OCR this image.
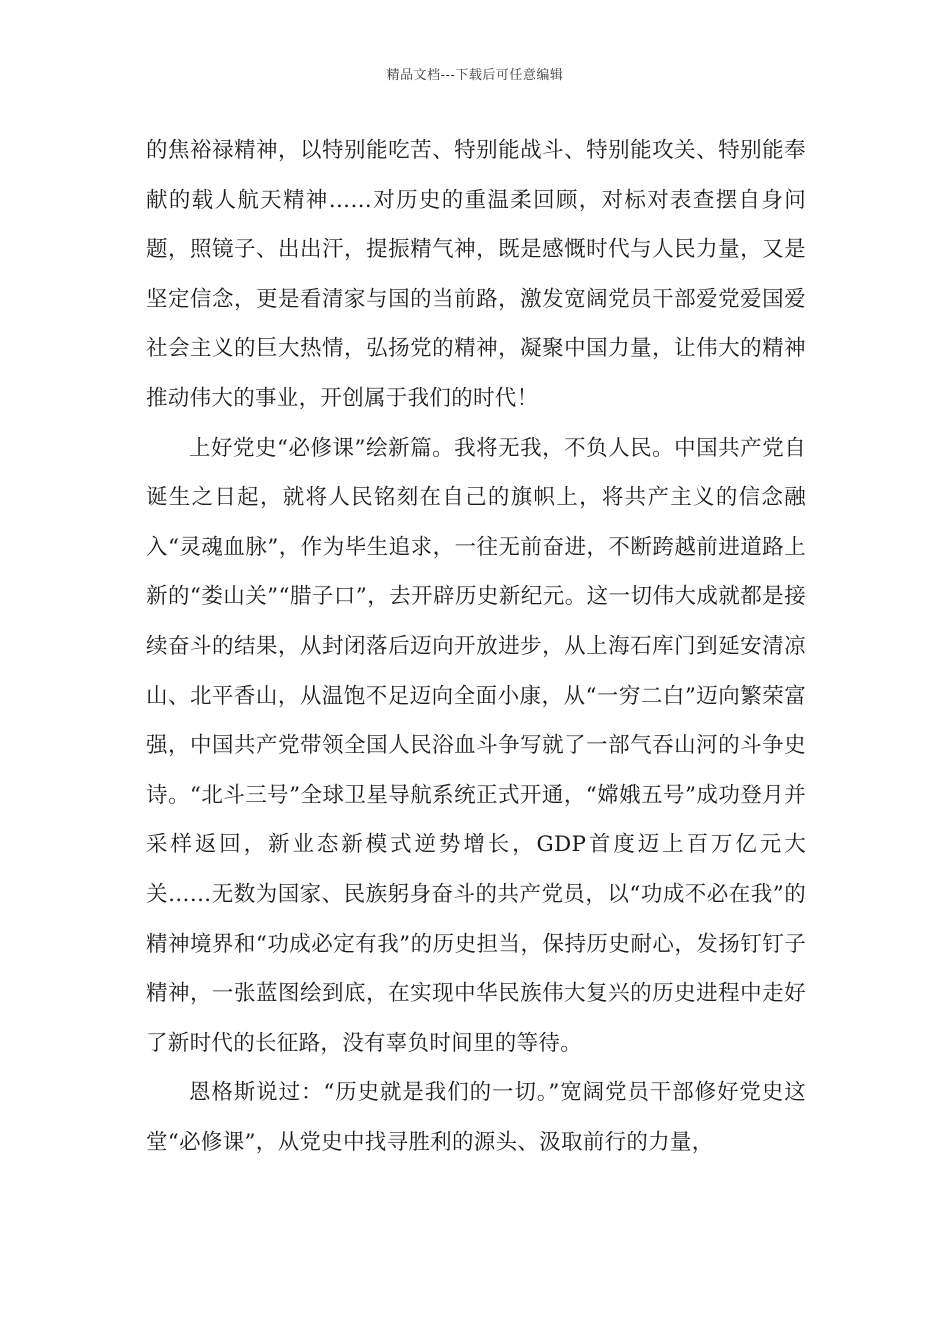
精品文档---下载后可任意编辑

的焦裕禄精神，以特别能吃苦、特别能战斗、特别能攻关、特别能奉献的载人航天精神……对历史的重温柔回顾，对标对表查摆自身问题，照镜子、出出汗，提振精气神，既是感慨时代与人民力量，又是坚定信念，更是看清家与国的当前路，激发宽阔党员干部爱党爱国爱社会主义的巨大热情，弘扬党的精神，凝聚中国力量，让伟大的精神推动伟大的事业，开创属于我们的时代！

上好党史“必修课”绘新篇。我将无我，不负人民。中国共产党自诞生之日起，就将人民铭刻在自己的旗帜上，将共产主义的信念融入“灵魂血脉”，作为毕生追求，一往无前奋进，不断跨越前进道路上新的“娄山关”“腊子口”，去开辟历史新纪元。这一切伟大成就都是接续奋斗的结果，从封闭落后迈向开放进步，从上海石库门到延安清凉山、北平香山，从温饱不足迈向全面小康，从“一穷二白”迈向繁荣富强，中国共产党带领全国人民浴血斗争写就了一部气吞山河的斗争史诗。“北斗三号”全球卫星导航系统正式开通，“嫦娥五号”成功登月并采样返回，新业态新模式逆势增长，GDP首度迈上百万亿元大关……无数为国家、民族躬身奋斗的共产党员，以“功成不必在我”的精神境界和“功成必定有我”的历史担当，保持历史耐心，发扬钉钉子精神，一张蓝图绘到底，在实现中华民族伟大复兴的历史进程中走好了新时代的长征路，没有辜负时间里的等待。

恩格斯说过：“历史就是我们的一切。”宽阔党员干部修好党史这堂“必修课”，从党史中找寻胜利的源头、汲取前行的力量，
